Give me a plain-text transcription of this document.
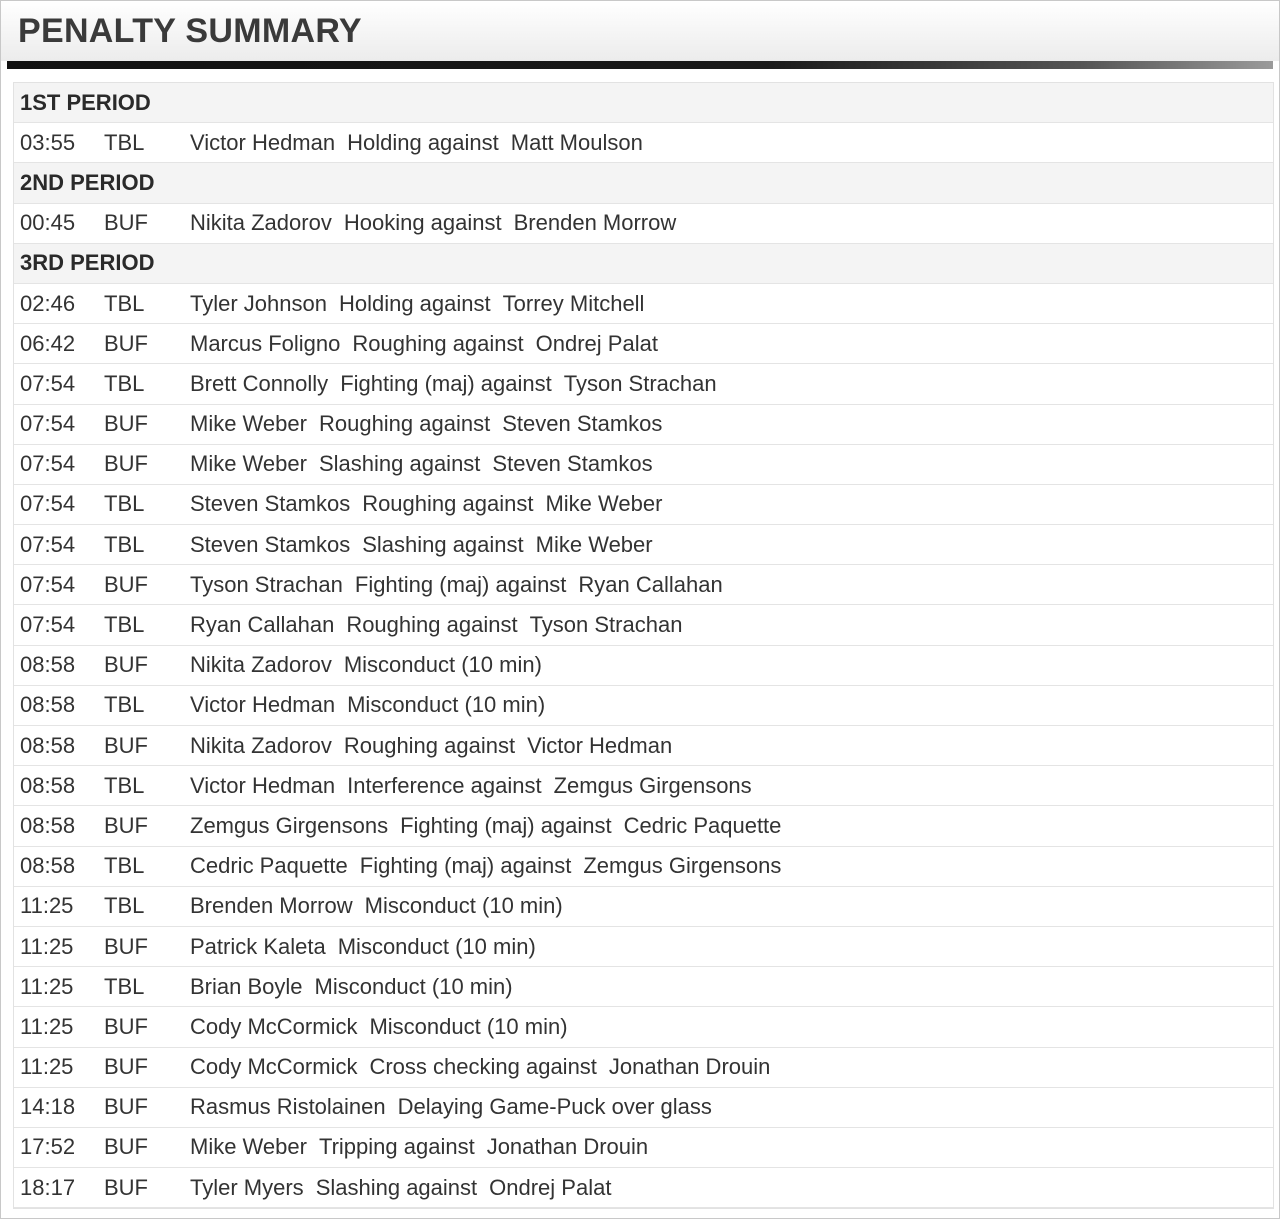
PENALTY SUMMARY
1ST PERIOD
03:55	TBL	Victor Hedman Holding against Matt Moulson
2ND PERIOD
00:45	BUF	Nikita Zadorov Hooking against Brenden Morrow
3RD PERIOD
02:46	TBL	Tyler Johnson Holding against Torrey Mitchell
06:42	BUF	Marcus Foligno Roughing against Ondrej Palat
07:54	TBL	Brett Connolly Fighting (maj) against Tyson Strachan
07:54	BUF	Mike Weber Roughing against Steven Stamkos
07:54	BUF	Mike Weber Slashing against Steven Stamkos
07:54	TBL	Steven Stamkos Roughing against Mike Weber
07:54	TBL	Steven Stamkos Slashing against Mike Weber
07:54	BUF	Tyson Strachan Fighting (maj) against Ryan Callahan
07:54	TBL	Ryan Callahan Roughing against Tyson Strachan
08:58	BUF	Nikita Zadorov Misconduct (10 min)
08:58	TBL	Victor Hedman Misconduct (10 min)
08:58	BUF	Nikita Zadorov Roughing against Victor Hedman
08:58	TBL	Victor Hedman Interference against Zemgus Girgensons
08:58	BUF	Zemgus Girgensons Fighting (maj) against Cedric Paquette
08:58	TBL	Cedric Paquette Fighting (maj) against Zemgus Girgensons
11:25	TBL	Brenden Morrow Misconduct (10 min)
11:25	BUF	Patrick Kaleta Misconduct (10 min)
11:25	TBL	Brian Boyle Misconduct (10 min)
11:25	BUF	Cody McCormick Misconduct (10 min)
11:25	BUF	Cody McCormick Cross checking against Jonathan Drouin
14:18	BUF	Rasmus Ristolainen Delaying Game-Puck over glass
17:52	BUF	Mike Weber Tripping against Jonathan Drouin
18:17	BUF	Tyler Myers Slashing against Ondrej Palat
